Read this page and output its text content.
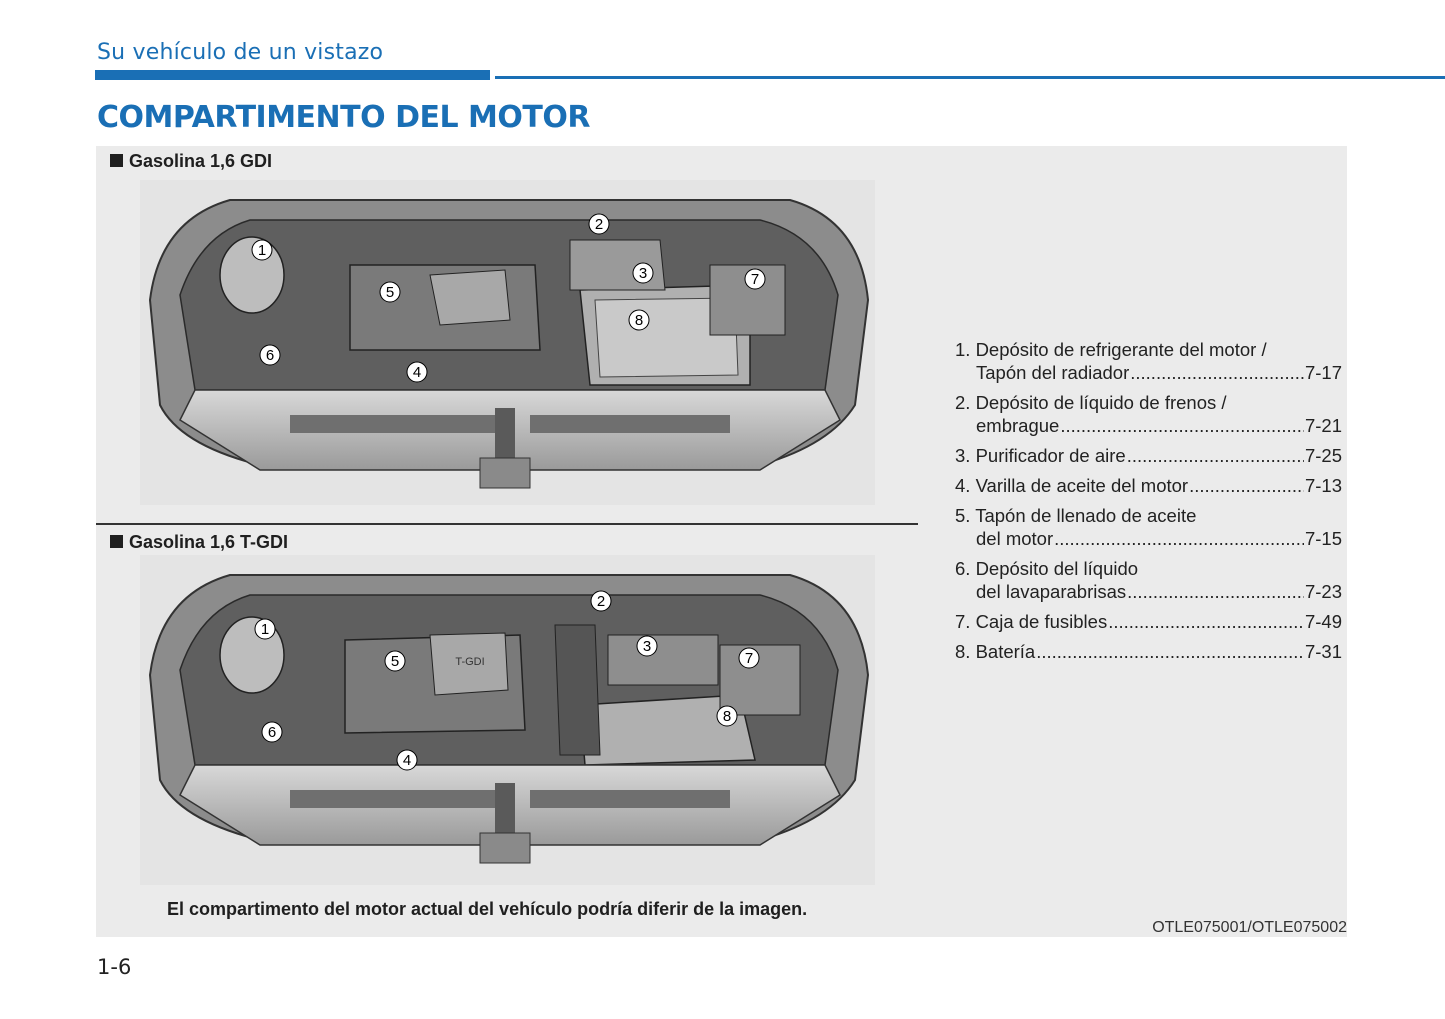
Su vehículo de un vistazo
COMPARTIMENTO DEL MOTOR
Gasolina 1,6 GDI
1
2
3
4
5
6
7
8
Gasolina 1,6 T-GDI
T-GDI
1
2
3
4
5
6
7
8
1. Depósito de refrigerante del motor /
Tapón del radiador .....	7-17
2. Depósito de líquido de frenos /
embrague .....	7-21
3. Purificador de aire .....	7-25
4. Varilla de aceite del motor .....	7-13
5. Tapón de llenado de aceite
del motor .....	7-15
6. Depósito del líquido
del lavaparabrisas .....	7-23
7. Caja de fusibles .....	7-49
8. Batería .....	7-31
El compartimento del motor actual del vehículo podría diferir de la imagen.
OTLE075001/OTLE075002
1-6
